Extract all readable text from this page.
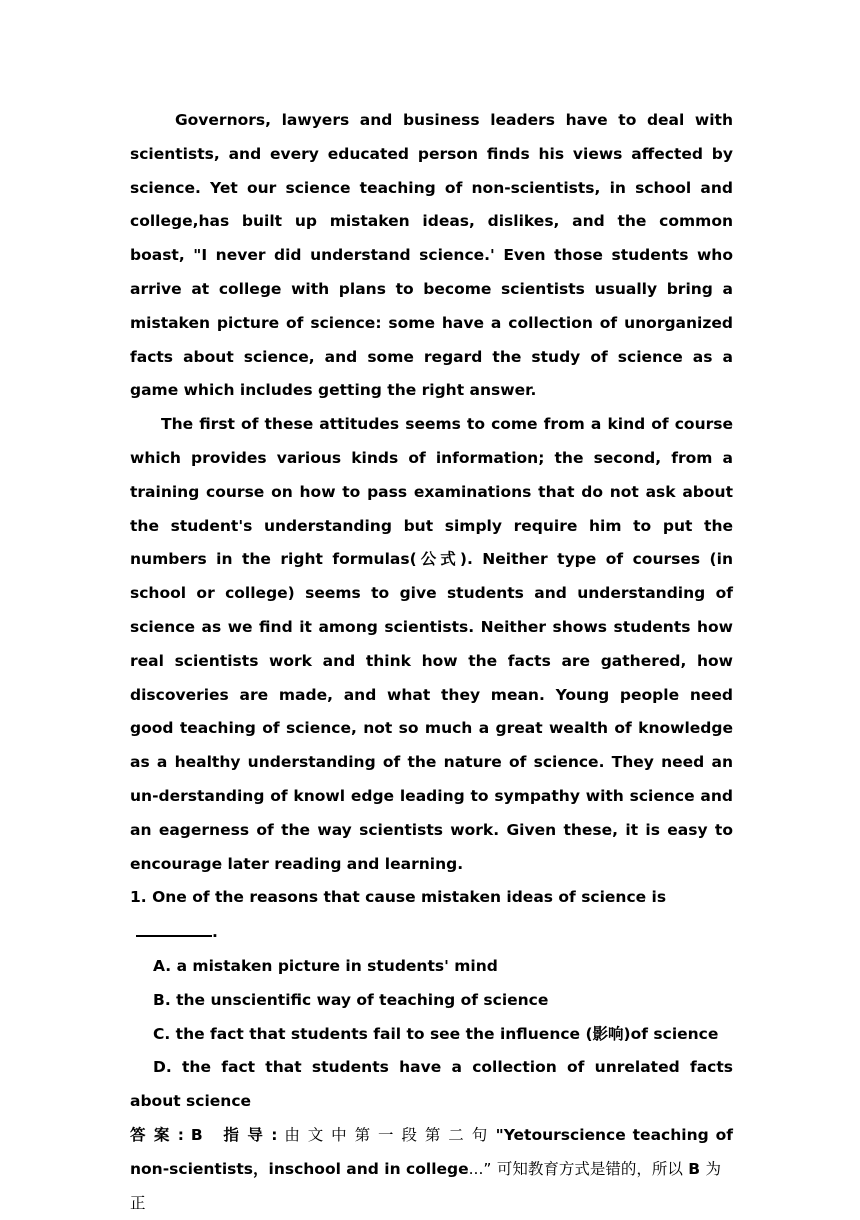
Governors, lawyers and business leaders have to deal with scientists, and every educated person finds his views affected by science. Yet our science teaching of non-scientists, in school and college,has built up mistaken ideas, dislikes, and the common boast, "I never did understand science.' Even those students who arrive at college with plans to become scientists usually bring a mistaken picture of science: some have a collection of unorganized facts about science, and some regard the study of science as a game which includes getting the right answer.

The first of these attitudes seems to come from a kind of course which provides various kinds of information; the second, from a training course on how to pass examinations that do not ask about the student's understanding but simply require him to put the numbers in the right formulas(公式). Neither type of courses (in school or college) seems to give students and understanding of science as we find it among scientists. Neither shows students how real scientists work and think how the facts are gathered, how discoveries are made, and what they mean. Young people need good teaching of science, not so much a great wealth of knowledge as a healthy understanding of the nature of science. They need an un-derstanding of knowl edge leading to sympathy with science and an eagerness of the way scientists work. Given these, it is easy to encourage later reading and learning.

1. One of the reasons that cause mistaken ideas of science is.

A. a mistaken picture in students' mind

B. the unscientific way of teaching of science

C. the fact that students fail to see the influence (影响)of science

D. the fact that students have a collection of unrelated facts about science

答 案 : B 指 导 : 由 文 中 第 一 段 第 二 句 "Yetourscience teaching of

non-scientists，inschool and in college...” 可知教育方式是错的，所以 B 为正
